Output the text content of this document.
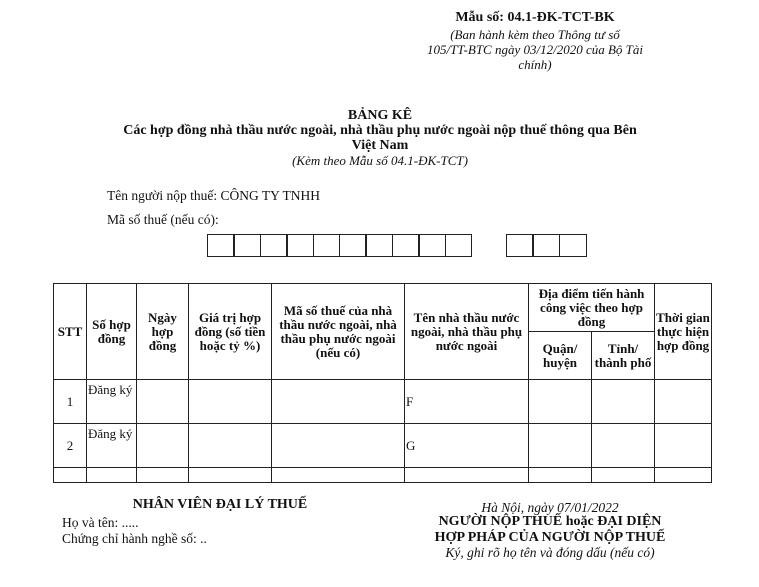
Mẫu số: 04.1-ĐK-TCT-BK
(Ban hành kèm theo Thông tư số
105/TT-BTC ngày 03/12/2020 của Bộ Tài
chính)
BẢNG KÊ
Các hợp đồng nhà thầu nước ngoài, nhà thầu phụ nước ngoài nộp thuế thông qua Bên
Việt Nam
(Kèm theo Mẫu số 04.1-ĐK-TCT)
Tên người nộp thuế: CÔNG TY TNHH
Mã số thuế (nếu có):
STT	Số hợp đồng	Ngày hợp đồng	Giá trị hợp đồng (số tiền hoặc tỷ %)	Mã số thuế của nhà thầu nước ngoài, nhà thầu phụ nước ngoài (nếu có)	Tên nhà thầu nước ngoài, nhà thầu phụ nước ngoài	Địa điểm tiến hành công việc theo hợp đồng		Thời gian thực hiện hợp đồng
						Quận/ huyện	Tỉnh/ thành phố	
1	Đăng ký				F			
2	Đăng ký				G			

NHÂN VIÊN ĐẠI LÝ THUẾ
Họ và tên: .....
Chứng chỉ hành nghề số: ..
Hà Nội, ngày 07/01/2022
NGƯỜI NỘP THUẾ hoặc ĐẠI DIỆN
HỢP PHÁP CỦA NGƯỜI NỘP THUẾ
Ký, ghi rõ họ tên và đóng dấu (nếu có)
